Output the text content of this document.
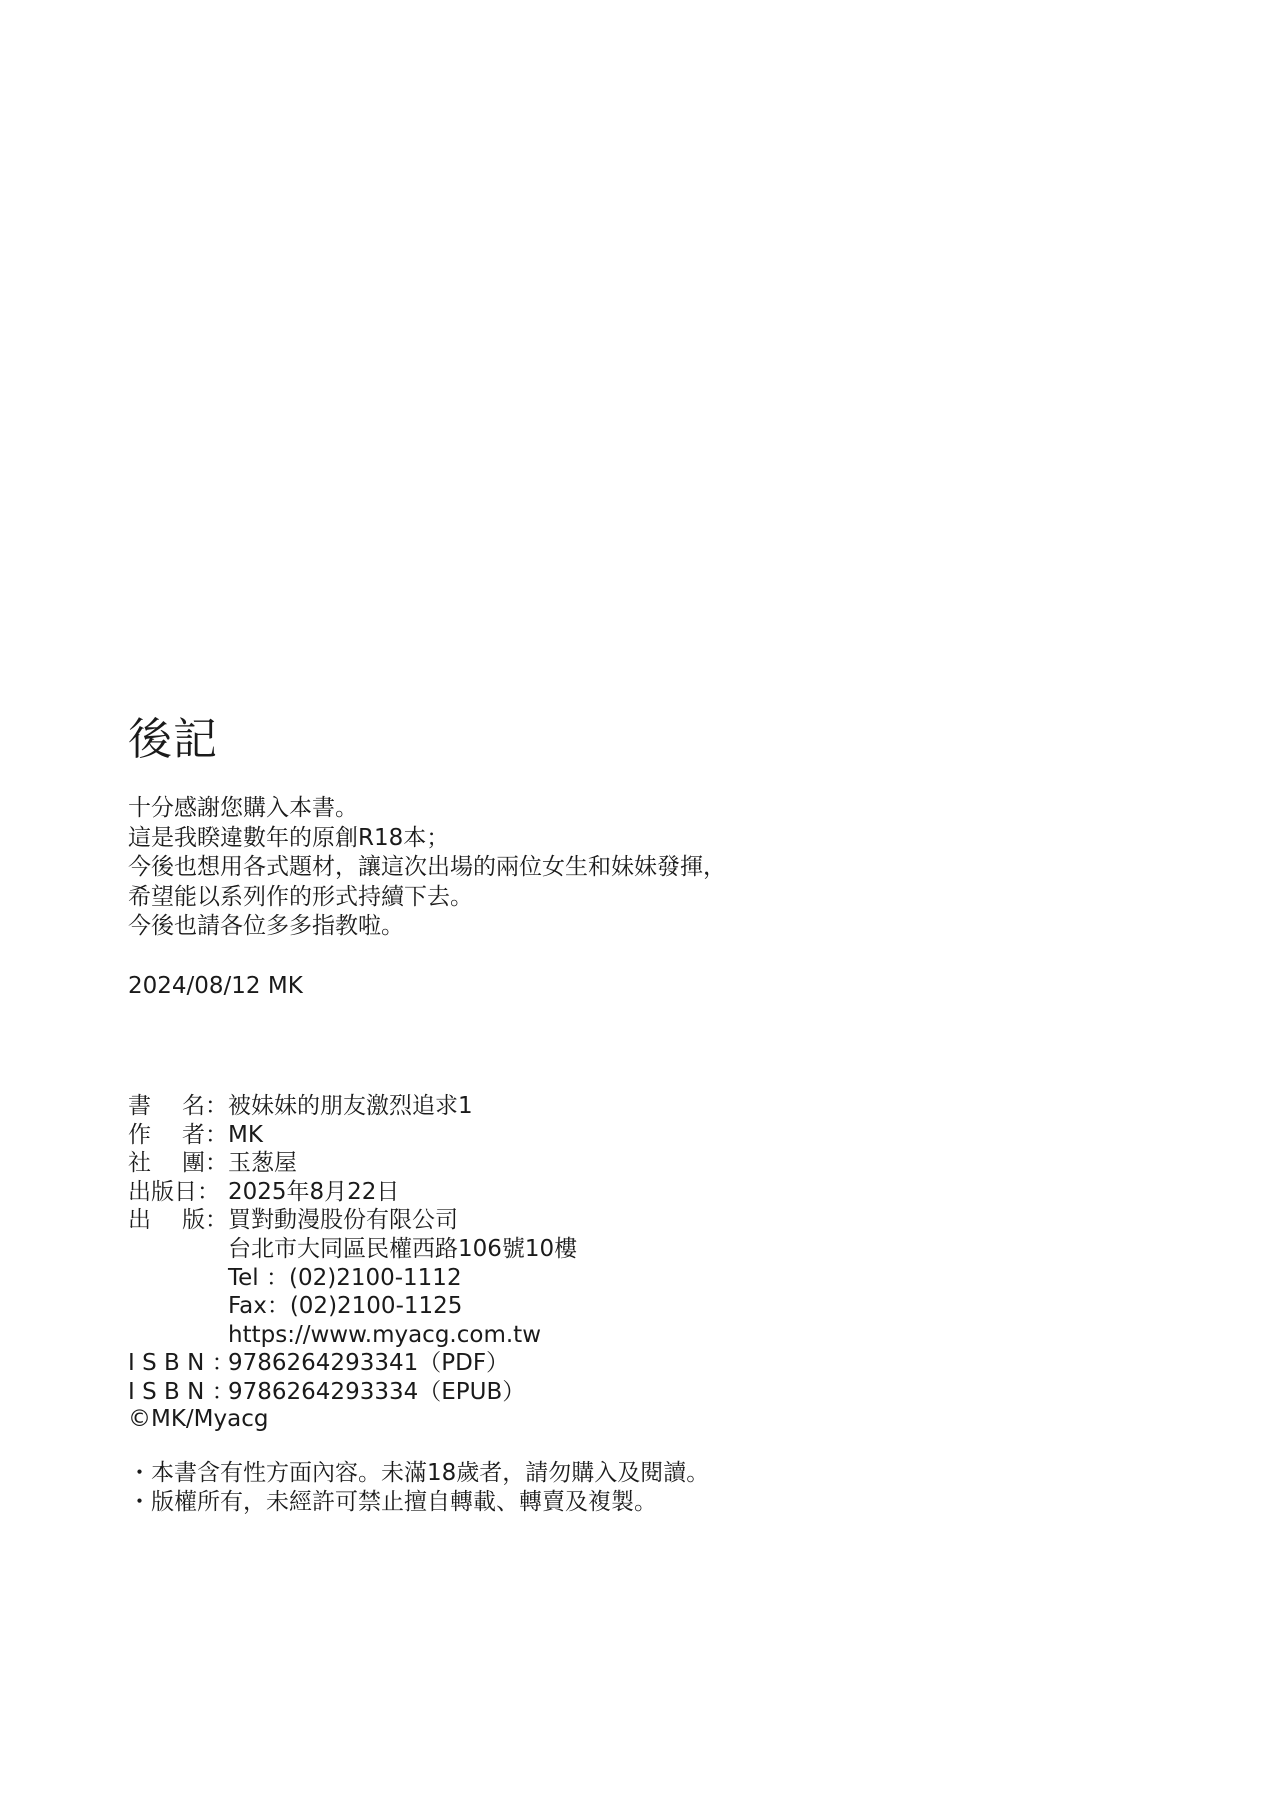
後記
十分感謝您購入本書。
這是我睽違數年的原創R18本；
今後也想用各式題材，讓這次出場的兩位女生和妹妹發揮，
希望能以系列作的形式持續下去。
今後也請各位多多指教啦。
2024/08/12 MK
書 名： 被妹妹的朋友激烈追求1
作 者： MK
社 團： 玉葱屋
出版日： 2025年8月22日
出 版： 買對動漫股份有限公司
台北市大同區民權西路106號10樓
Tel ：(02)2100-1112
Fax：(02)2100-1125
https://www.myacg.com.tw
I S B N ：
9786264293341（PDF）
I S B N ：
9786264293334（EPUB）
©MK/Myacg
・本書含有性方面內容。未滿18歲者，請勿購入及閱讀。
・版權所有，未經許可禁止擅自轉載、轉賣及複製。
